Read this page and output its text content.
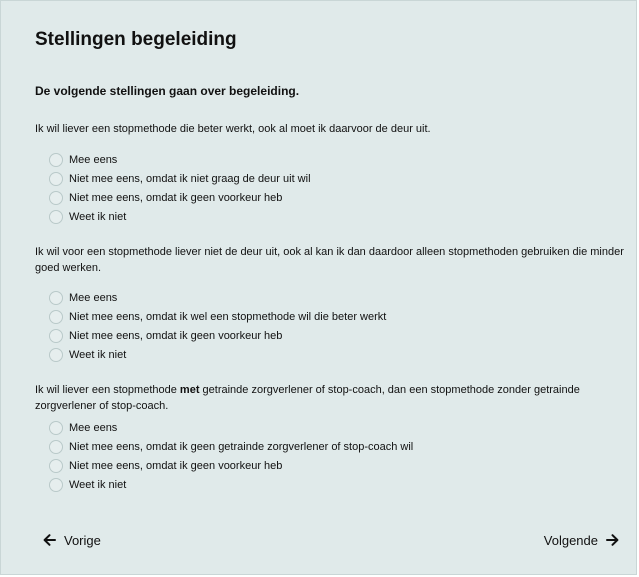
Stellingen begeleiding
De volgende stellingen gaan over begeleiding.
Ik wil liever een stopmethode die beter werkt, ook al moet ik daarvoor de deur uit.
Mee eens
Niet mee eens, omdat ik niet graag de deur uit wil
Niet mee eens, omdat ik geen voorkeur heb
Weet ik niet
Ik wil voor een stopmethode liever niet de deur uit, ook al kan ik dan daardoor alleen stopmethoden gebruiken die minder goed werken.
Mee eens
Niet mee eens, omdat ik wel een stopmethode wil die beter werkt
Niet mee eens, omdat ik geen voorkeur heb
Weet ik niet
Ik wil liever een stopmethode met getrainde zorgverlener of stop-coach, dan een stopmethode zonder getrainde zorgverlener of stop-coach.
Mee eens
Niet mee eens, omdat ik geen getrainde zorgverlener of stop-coach wil
Niet mee eens, omdat ik geen voorkeur heb
Weet ik niet
Vorige	Volgende
